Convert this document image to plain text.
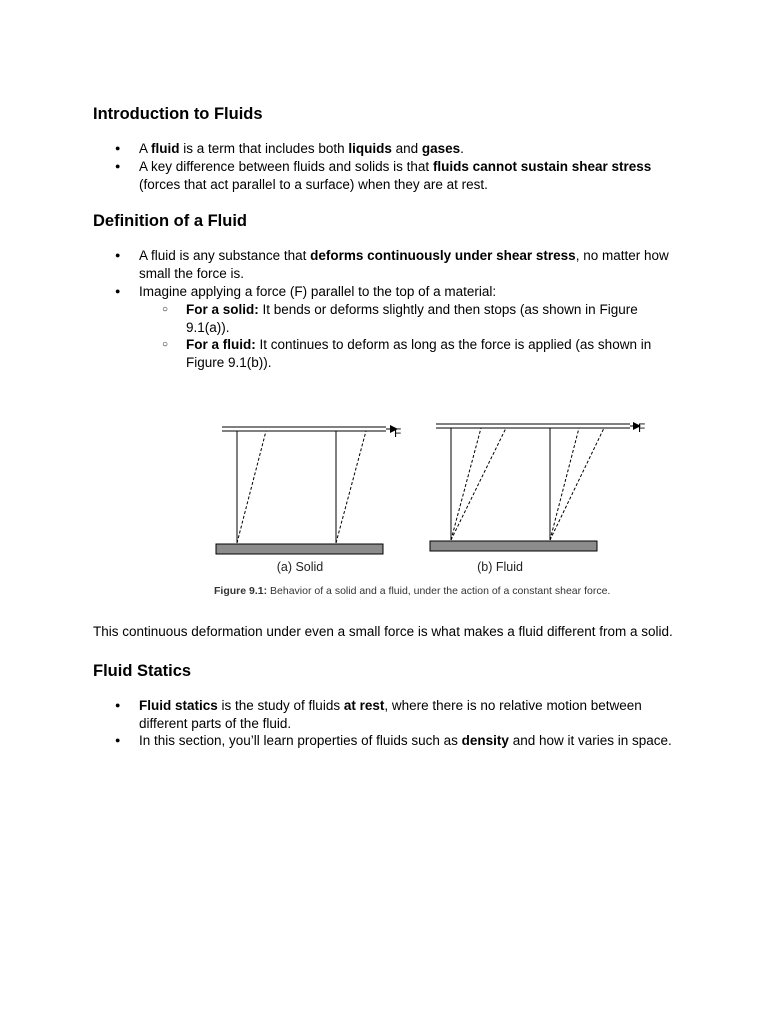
Introduction to Fluids
● A fluid is a term that includes both liquids and gases.
● A key difference between fluids and solids is that fluids cannot sustain shear stress (forces that act parallel to a surface) when they are at rest.
Definition of a Fluid
● A fluid is any substance that deforms continuously under shear stress, no matter how small the force is.
● Imagine applying a force (F) parallel to the top of a material:
○ For a solid: It bends or deforms slightly and then stops (as shown in Figure 9.1(a)).
○ For a fluid: It continues to deform as long as the force is applied (as shown in Figure 9.1(b)).

This continuous deformation under even a small force is what makes a fluid different from a solid.

Fluid Statics
● Fluid statics is the study of fluids at rest, where there is no relative motion between different parts of the fluid.
● In this section, you’ll learn properties of fluids such as density and how it varies in space.
F
(a) Solid
F
(b) Fluid
Figure 9.1: Behavior of a solid and a fluid, under the action of a constant shear force.
